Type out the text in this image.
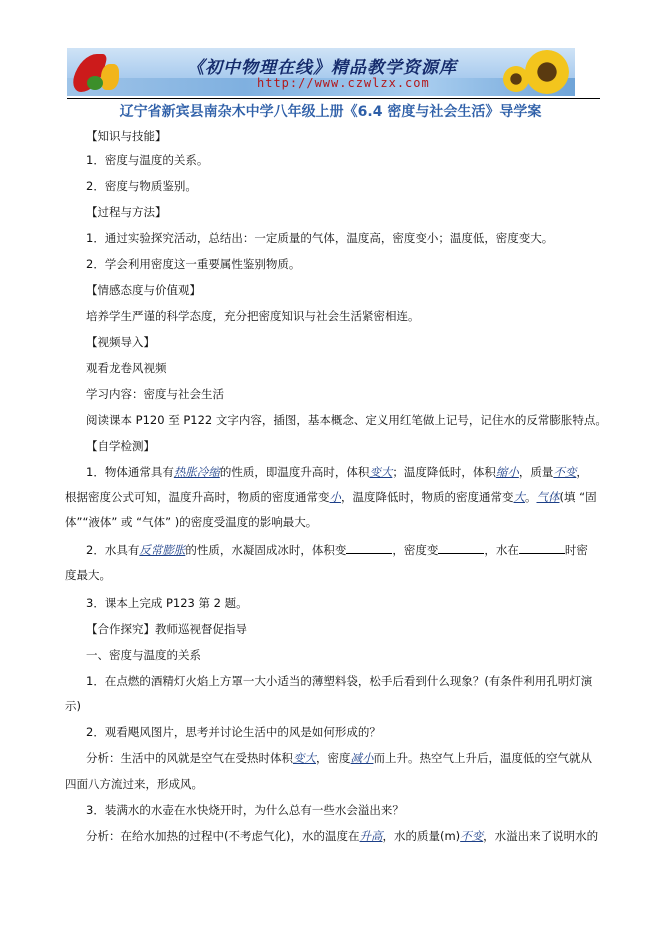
《初中物理在线》精品教学资源库
http://www.czwlzx.com
辽宁省新宾县南杂木中学八年级上册《6.4 密度与社会生活》导学案
【知识与技能】
1．密度与温度的关系。
2．密度与物质鉴别。
【过程与方法】
1．通过实验探究活动，总结出：一定质量的气体，温度高，密度变小；温度低，密度变大。
2．学会利用密度这一重要属性鉴别物质。
【情感态度与价值观】
培养学生严谨的科学态度，充分把密度知识与社会生活紧密相连。
【视频导入】
观看龙卷风视频
学习内容：密度与社会生活
阅读课本 P120 至 P122 文字内容，插图，基本概念、定义用红笔做上记号，记住水的反常膨胀特点。
【自学检测】
1．物体通常具有热胀冷缩的性质，即温度升高时，体积变大；温度降低时，体积缩小，质量不变，
根据密度公式可知，温度升高时，物质的密度通常变小，温度降低时，物质的密度通常变大。气体(填 “固
体”“液体” 或 “气体” )的密度受温度的影响最大。
2．水具有反常膨胀的性质，水凝固成冰时，体积变	，密度变	，水在	时密
度最大。
3．课本上完成 P123 第 2 题。
【合作探究】教师巡视督促指导
一、密度与温度的关系
1．在点燃的酒精灯火焰上方罩一大小适当的薄塑料袋，松手后看到什么现象？(有条件利用孔明灯演
示)
2．观看飓风图片，思考并讨论生活中的风是如何形成的？
分析：生活中的风就是空气在受热时体积变大，密度减小而上升。热空气上升后，温度低的空气就从
四面八方流过来，形成风。
3．装满水的水壶在水快烧开时，为什么总有一些水会溢出来？
分析：在给水加热的过程中(不考虑气化)，水的温度在升高，水的质量(m)不变，水溢出来了说明水的
